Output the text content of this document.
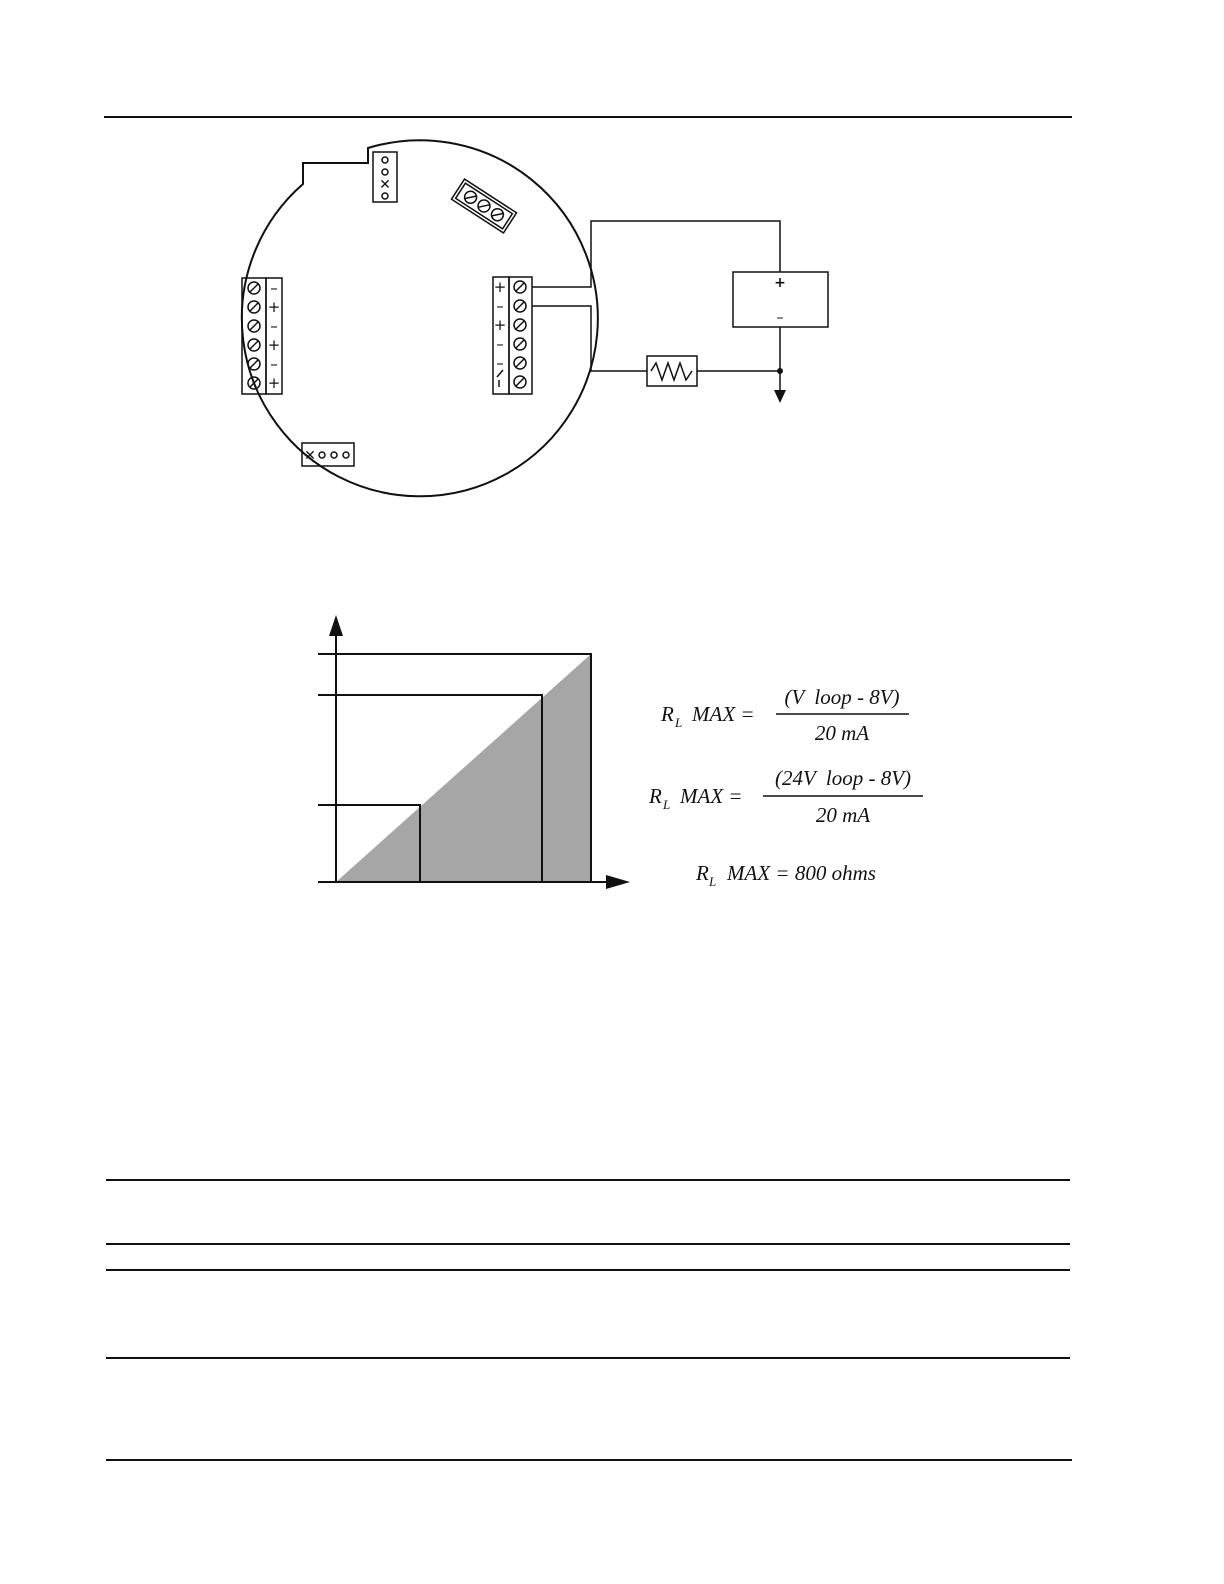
✕
✕
–
+
–
+
–
+
+
–
+
–
–
+
–
R L MAX =
(V  loop - 8V)
20 mA
R L MAX =
(24V  loop - 8V)
20 mA
R L MAX = 800 ohms
